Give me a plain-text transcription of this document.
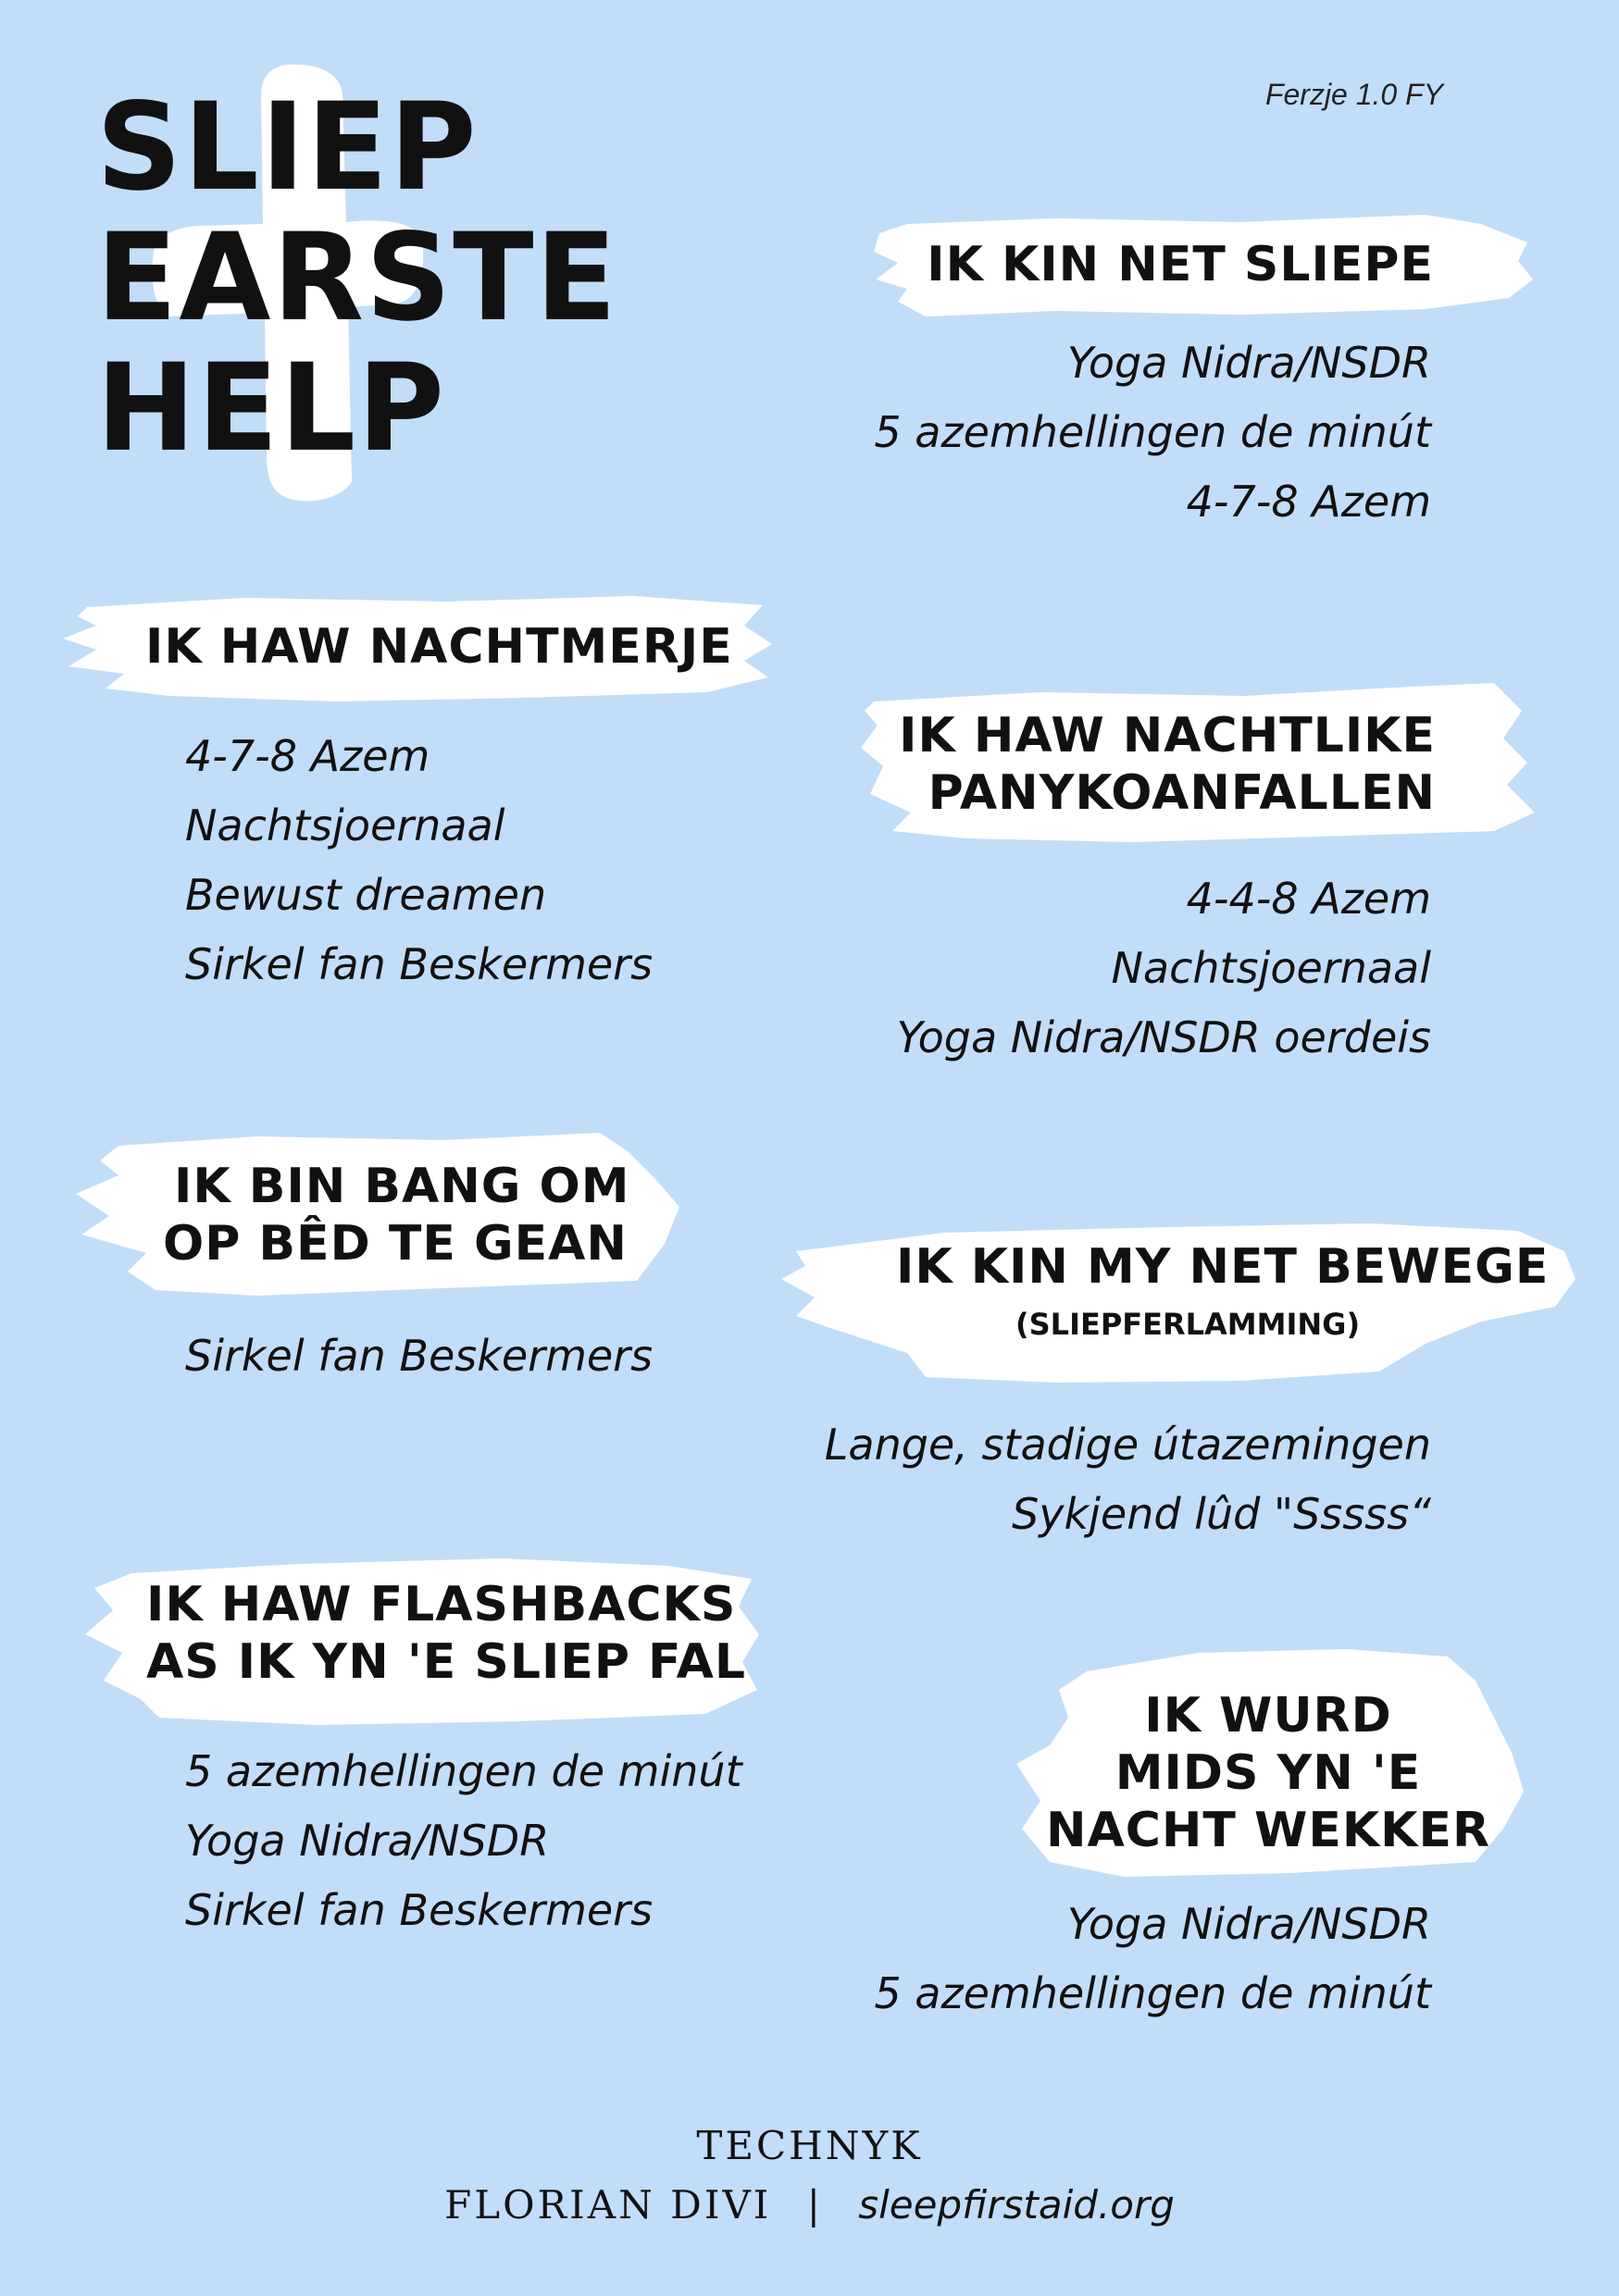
SLIEP
EARSTE
HELP
Ferzje 1.0 FY
IK KIN NET SLIEPE
Yoga Nidra/NSDR
5 azemhellingen de minút
4-7-8 Azem
IK HAW NACHTMERJE
4-7-8 Azem
Nachtsjoernaal
Bewust dreamen
Sirkel fan Beskermers
IK HAW NACHTLIKE
PANYKOANFALLEN
4-4-8 Azem
Nachtsjoernaal
Yoga Nidra/NSDR oerdeis
IK BIN BANG OM
OP BÊD TE GEAN
Sirkel fan Beskermers
IK KIN MY NET BEWEGE
(SLIEPFERLAMMING)
Lange, stadige útazemingen
Sykjend lûd "Sssss“
IK HAW FLASHBACKS
AS IK YN 'E SLIEP FAL
5 azemhellingen de minút
Yoga Nidra/NSDR
Sirkel fan Beskermers
IK WURD
MIDS YN 'E
NACHT WEKKER
Yoga Nidra/NSDR
5 azemhellingen de minút
TECHNYK
FLORIAN DIVI | sleepfirstaid.org
